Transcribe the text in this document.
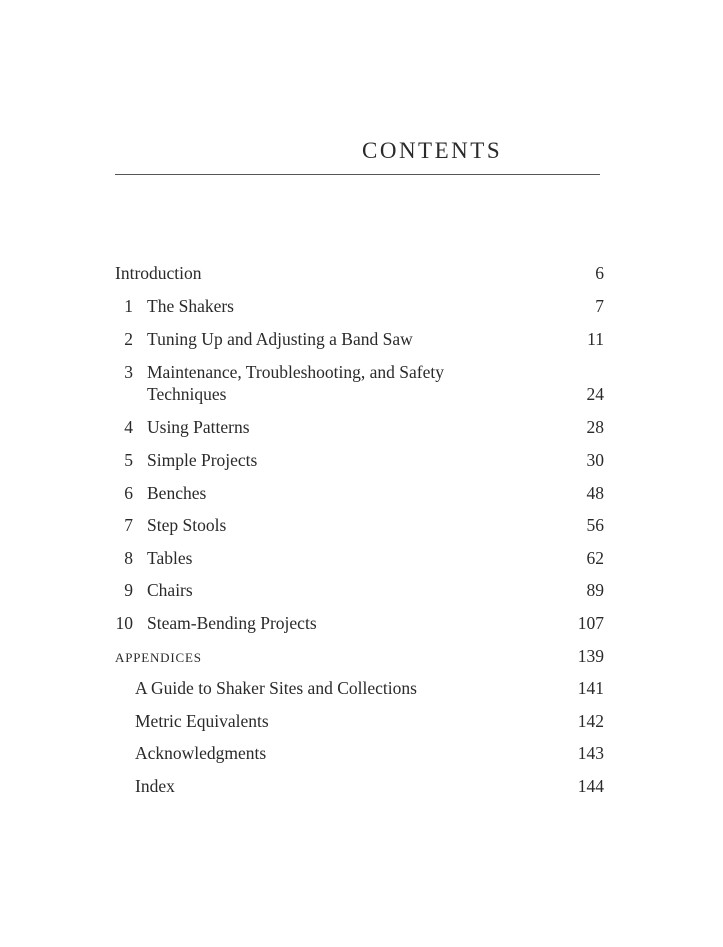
CONTENTS
Introduction	6
1 The Shakers	7
2 Tuning Up and Adjusting a Band Saw	11
3 Maintenance, Troubleshooting, and Safety
Techniques	24
4 Using Patterns	28
5 Simple Projects	30
6 Benches	48
7 Step Stools	56
8 Tables	62
9 Chairs	89
10 Steam-Bending Projects	107
APPENDICES	139
A Guide to Shaker Sites and Collections	141
Metric Equivalents	142
Acknowledgments	143
Index	144
